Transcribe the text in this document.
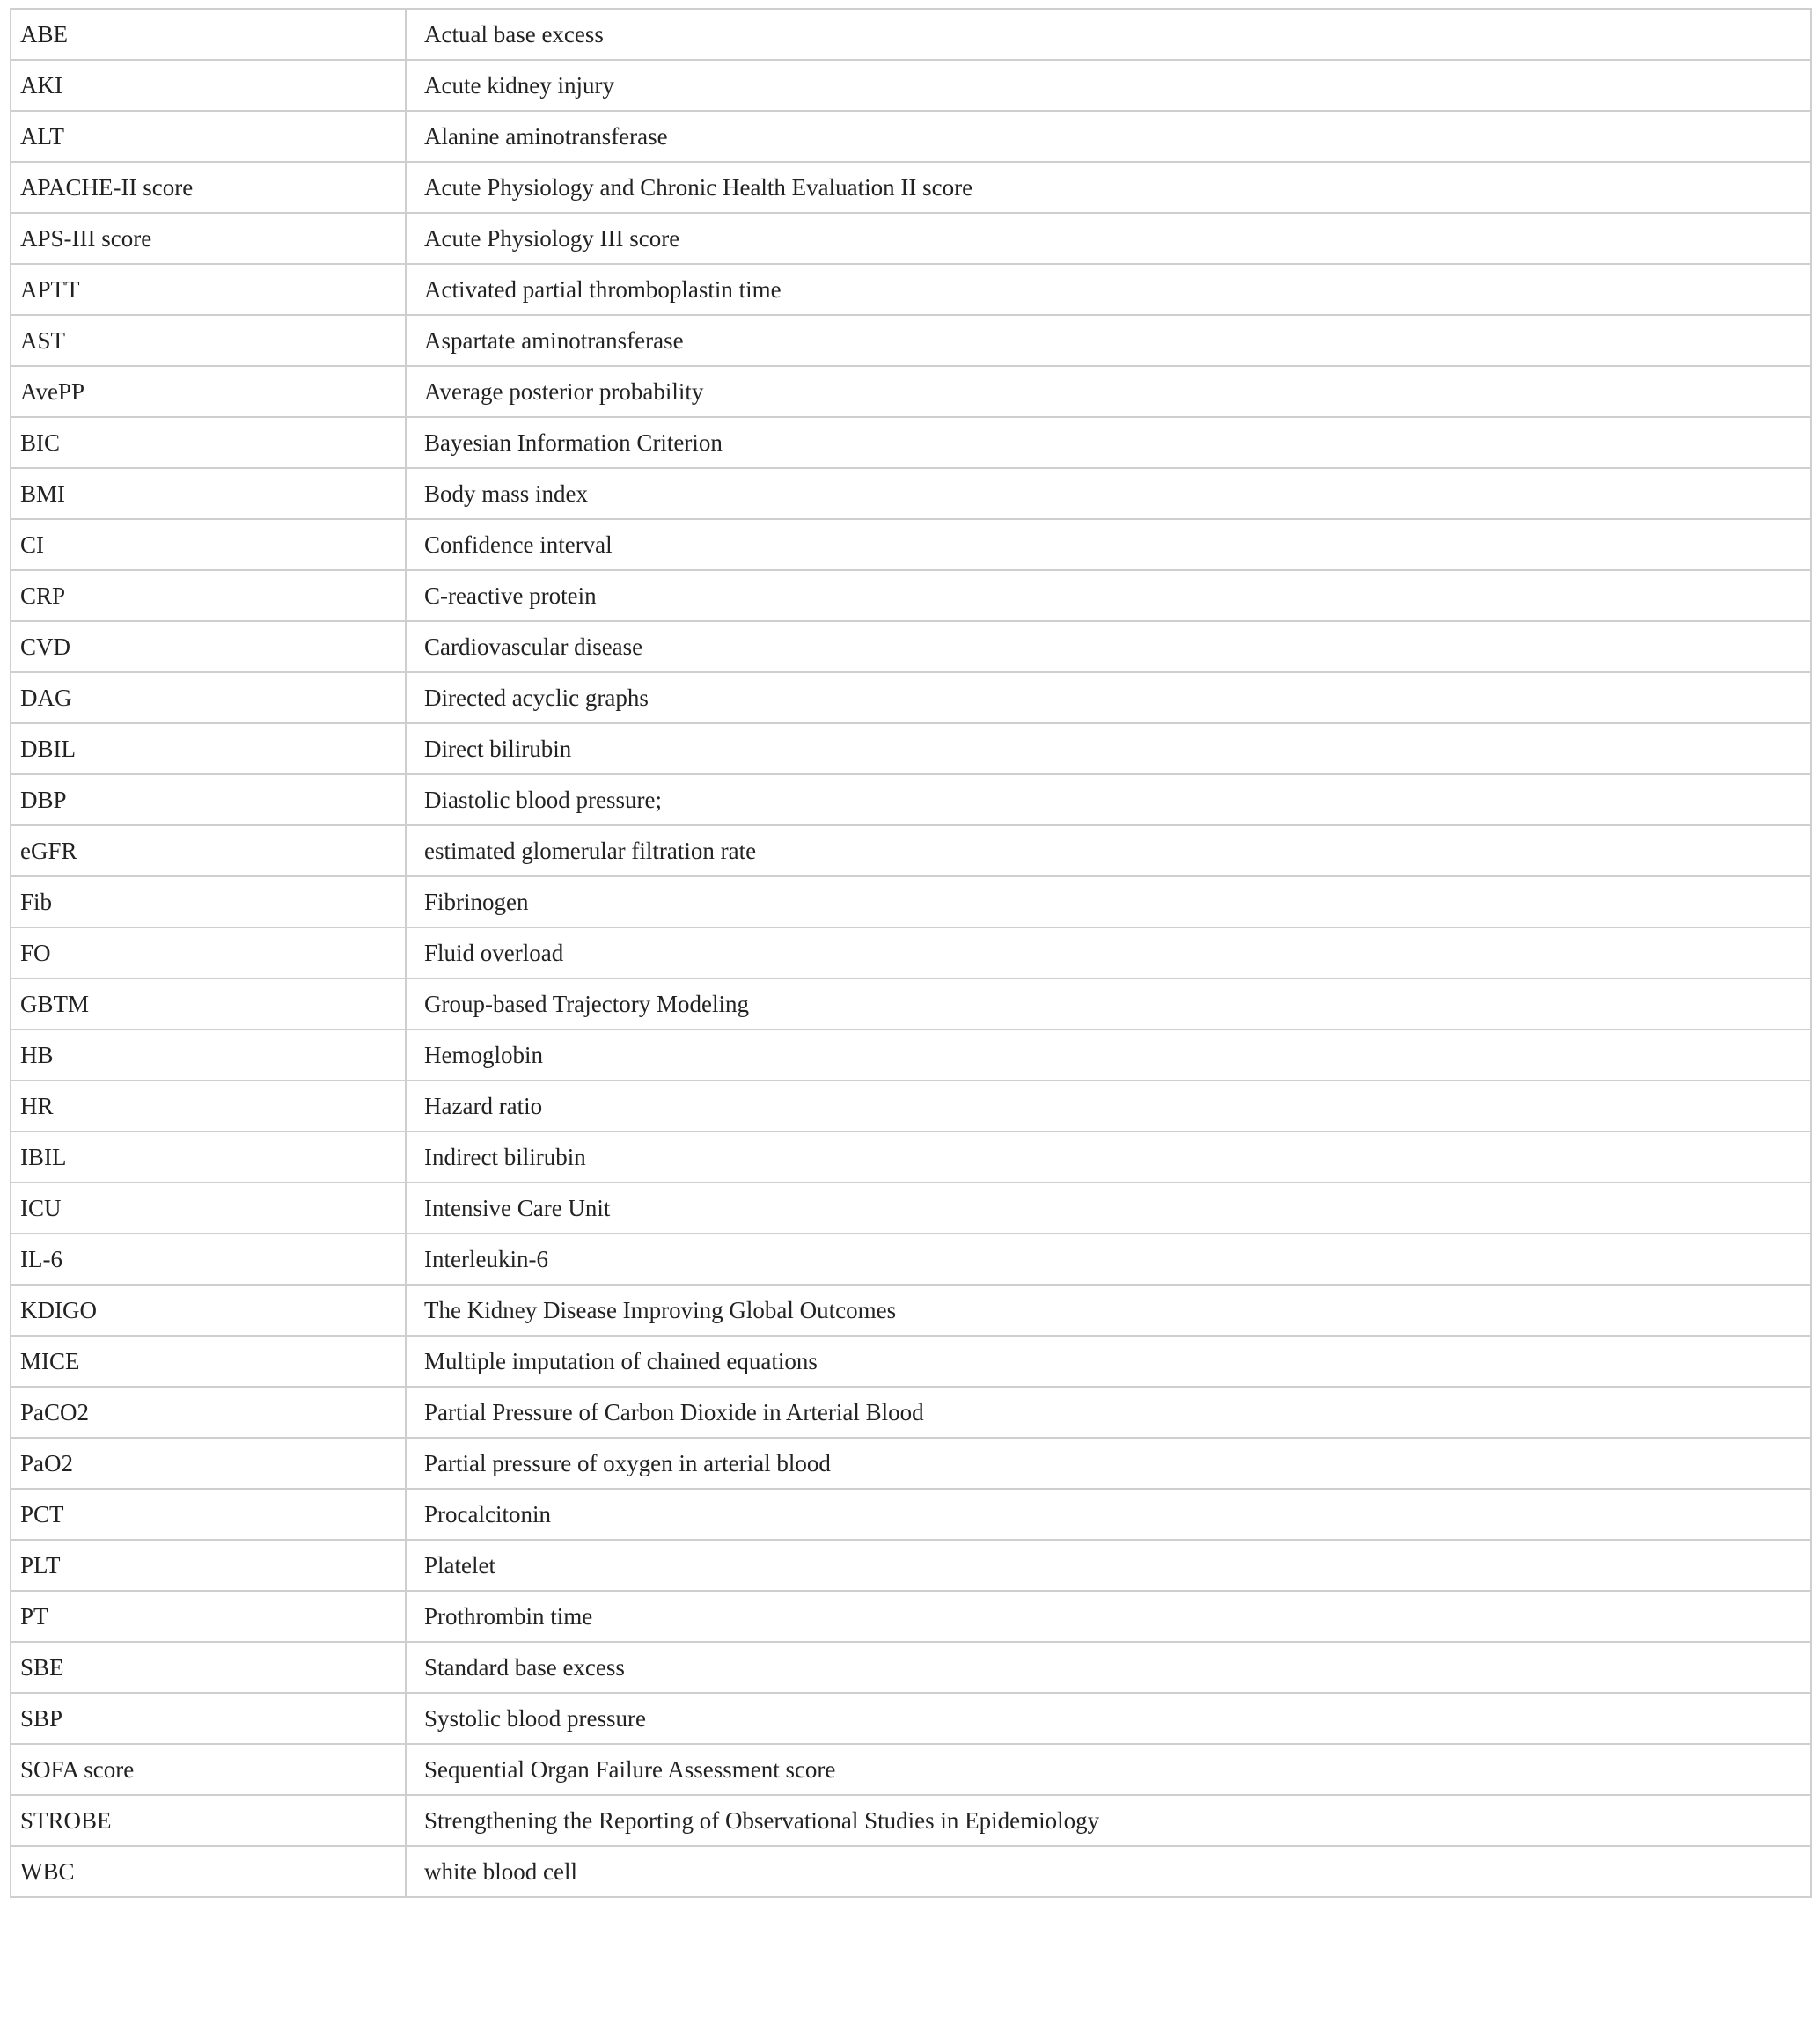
ABE	Actual base excess
AKI	Acute kidney injury
ALT	Alanine aminotransferase
APACHE-II score	Acute Physiology and Chronic Health Evaluation II score
APS-III score	Acute Physiology III score
APTT	Activated partial thromboplastin time
AST	Aspartate aminotransferase
AvePP	Average posterior probability
BIC	Bayesian Information Criterion
BMI	Body mass index
CI	Confidence interval
CRP	C-reactive protein
CVD	Cardiovascular disease
DAG	Directed acyclic graphs
DBIL	Direct bilirubin
DBP	Diastolic blood pressure;
eGFR	estimated glomerular filtration rate
Fib	Fibrinogen
FO	Fluid overload
GBTM	Group-based Trajectory Modeling
HB	Hemoglobin
HR	Hazard ratio
IBIL	Indirect bilirubin
ICU	Intensive Care Unit
IL-6	Interleukin-6
KDIGO	The Kidney Disease Improving Global Outcomes
MICE	Multiple imputation of chained equations
PaCO2	Partial Pressure of Carbon Dioxide in Arterial Blood
PaO2	Partial pressure of oxygen in arterial blood
PCT	Procalcitonin
PLT	Platelet
PT	Prothrombin time
SBE	Standard base excess
SBP	Systolic blood pressure
SOFA score	Sequential Organ Failure Assessment score
STROBE	Strengthening the Reporting of Observational Studies in Epidemiology
WBC	white blood cell
